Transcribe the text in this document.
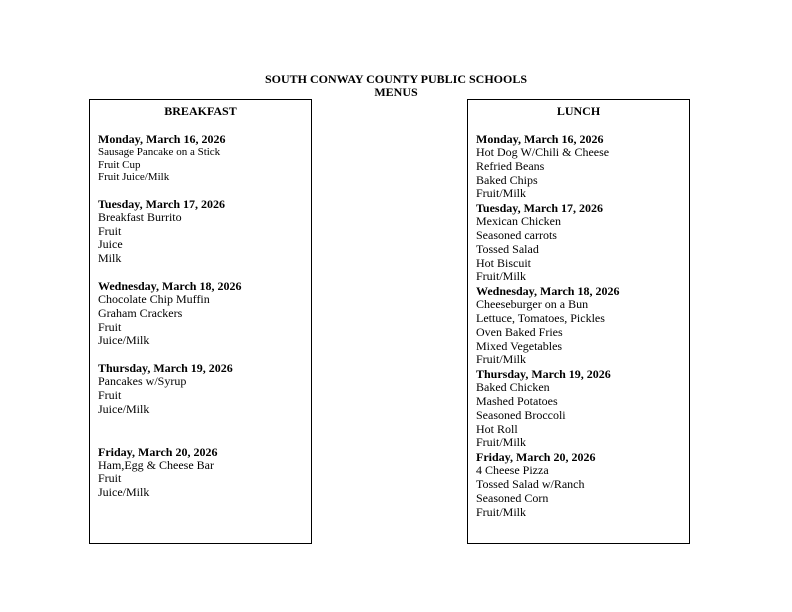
SOUTH CONWAY COUNTY PUBLIC SCHOOLS
MENUS
BREAKFAST
Monday, March 16, 2026
Sausage Pancake on a Stick
Fruit Cup
Fruit Juice/Milk
Tuesday, March 17, 2026
Breakfast Burrito
Fruit
Juice
Milk
Wednesday, March 18, 2026
Chocolate Chip Muffin
Graham Crackers
Fruit
Juice/Milk
Thursday, March 19, 2026
Pancakes w/Syrup
Fruit
Juice/Milk
Friday, March 20, 2026
Ham,Egg & Cheese Bar
Fruit
Juice/Milk
LUNCH
Monday, March 16, 2026
Hot Dog W/Chili & Cheese
Refried Beans
Baked Chips
Fruit/Milk
Tuesday, March 17, 2026
Mexican Chicken
Seasoned carrots
Tossed Salad
Hot Biscuit
Fruit/Milk
Wednesday, March 18, 2026
Cheeseburger on a Bun
Lettuce, Tomatoes, Pickles
Oven Baked Fries
Mixed Vegetables
Fruit/Milk
Thursday, March 19, 2026
Baked Chicken
Mashed Potatoes
Seasoned Broccoli
Hot Roll
Fruit/Milk
Friday, March 20, 2026
4 Cheese Pizza
Tossed Salad w/Ranch
Seasoned Corn
Fruit/Milk
